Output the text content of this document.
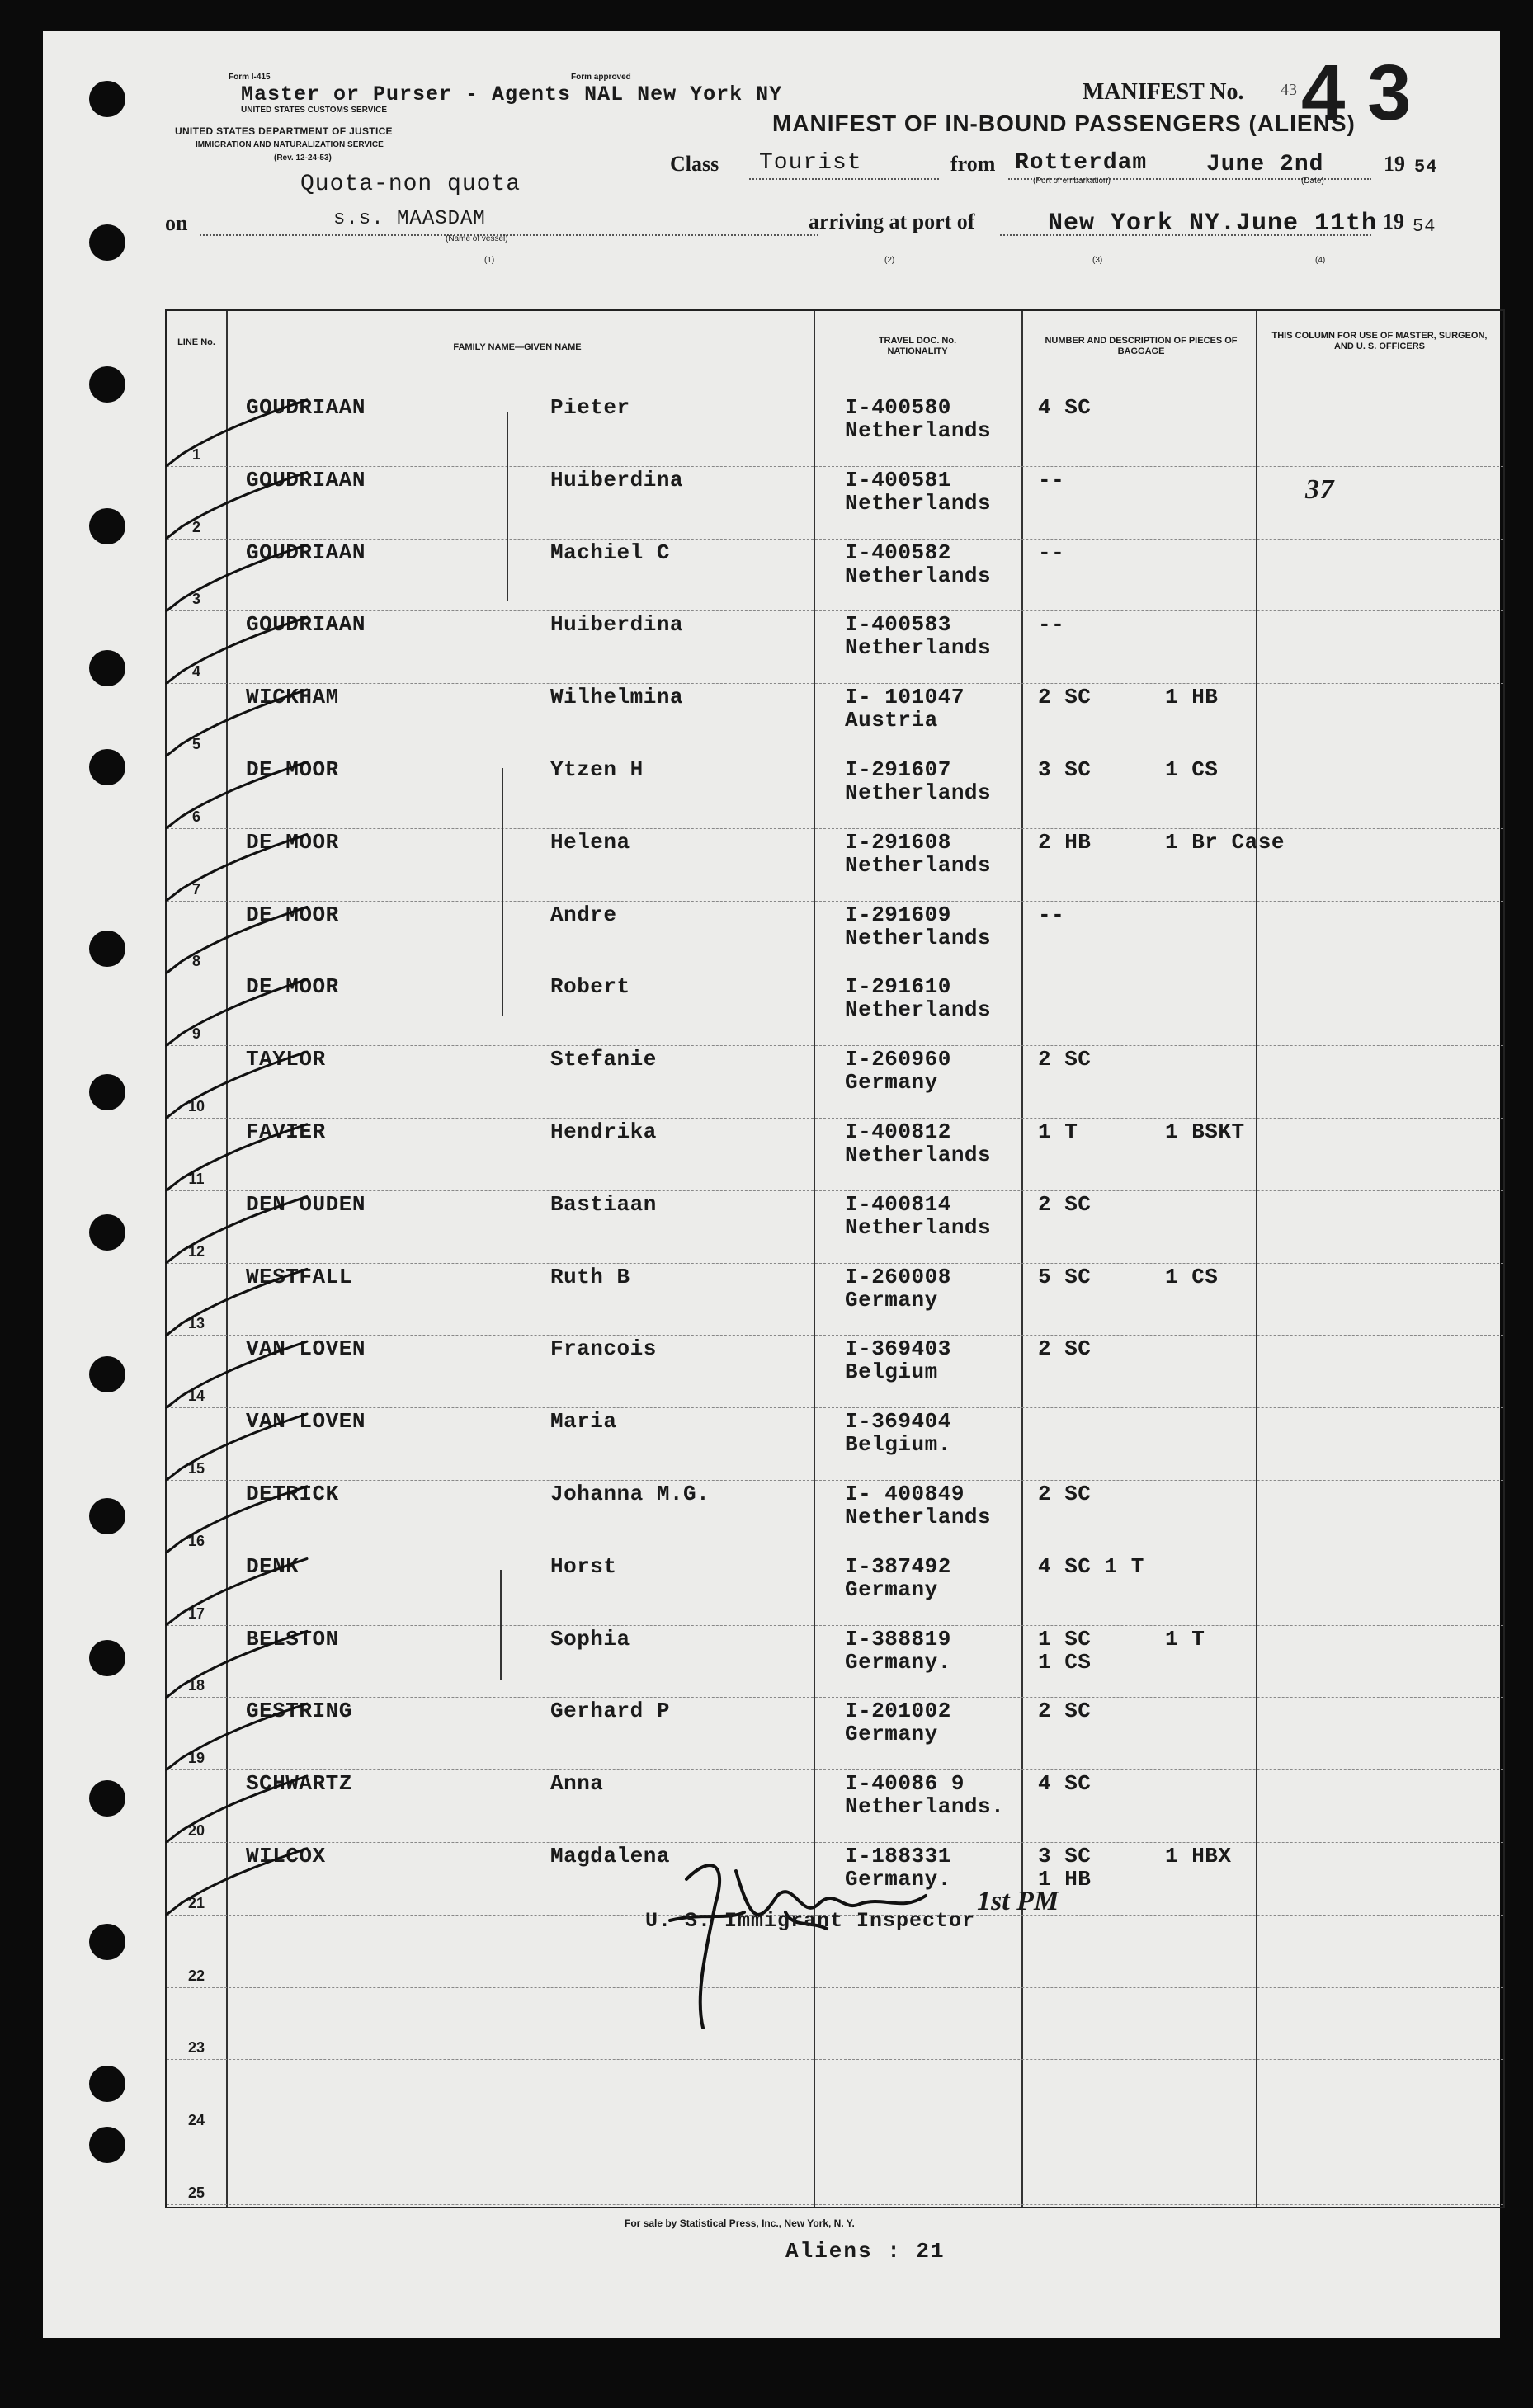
Form I-415
Master or Purser - Agents NAL New York NY
Form approved
UNITED STATES CUSTOMS SERVICE
UNITED STATES DEPARTMENT OF JUSTICE
IMMIGRATION AND NATURALIZATION SERVICE
(Rev. 12-24-53)
MANIFEST No. 43 4 3
MANIFEST OF IN-BOUND PASSENGERS (ALIENS)
Quota-non quota
Class Tourist	from Rotterdam	June 2nd
(Port of embarkation)	(Date)
19 54
on	s.s. MAASDAM
(Name of vessel)
arriving at port of	New York NY.June 11th 19 54
(1)	(2)	(3)	(4)
LINE No.	FAMILY NAME—GIVEN NAME
TRAVEL DOC. No. NATIONALITY
NUMBER AND DESCRIPTION OF PIECES OF BAGGAGE
THIS COLUMN FOR USE OF MASTER, SURGEON, AND U. S. OFFICERS
1
GOUDRIAAN	Pieter	I-400580
Netherlands
4 SC
2
GOUDRIAAN	Huiberdina	I-400581
Netherlands
--	37
3
GOUDRIAAN	Machiel C	I-400582
Netherlands
--
4
GOUDRIAAN	Huiberdina	I-400583
Netherlands
--
5
WICKHAM	Wilhelmina	I- 101047
Austria
2 SC	1 HB
6
DE MOOR	Ytzen H	I-291607
Netherlands
3 SC	1 CS
7
DE MOOR	Helena	I-291608
Netherlands
2 HB	1 Br Case
8
DE MOOR	Andre	I-291609
Netherlands
--
9
DE MOOR	Robert	I-291610
Netherlands
10
TAYLOR	Stefanie	I-260960
Germany
2 SC
11
FAVIER	Hendrika	I-400812
Netherlands
1 T	1 BSKT
12
DEN OUDEN	Bastiaan	I-400814
Netherlands
2 SC
13
WESTFALL	Ruth B	I-260008
Germany
5 SC	1 CS
14
VAN LOVEN	Francois	I-369403
Belgium
2 SC
15
VAN LOVEN	Maria	I-369404
Belgium.
16
DETRICK	Johanna M.G.	I- 400849
Netherlands
2 SC
17
DENK	Horst	I-387492
Germany
4 SC 1 T
18
BELSTON	Sophia	I-388819
Germany.
1 SC	1 T
1 CS
19
GESTRING	Gerhard P	I-201002
Germany
2 SC
20
SCHWARTZ	Anna	I-40086 9
Netherlands.
4 SC
21
WILCOX	Magdalena	I-188331
Germany.
3 SC	1 HBX
1 HB
22
23
24
25
U. S. Immigrant Inspector
1st PM
For sale by Statistical Press, Inc., New York, N. Y.
Aliens : 21
